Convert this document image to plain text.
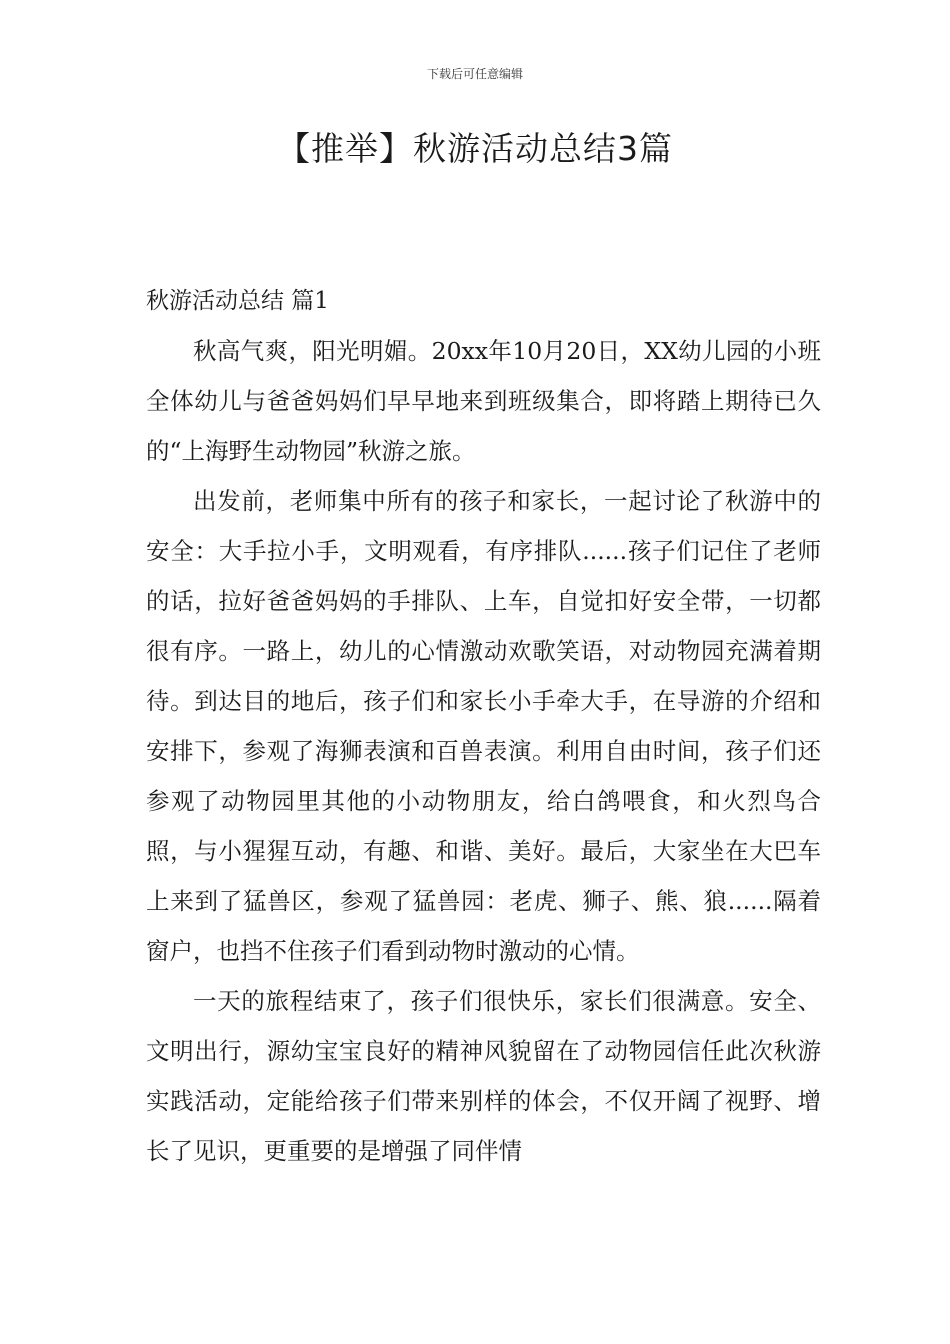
下载后可任意编辑
【推举】秋游活动总结3篇

秋游活动总结 篇1

秋高气爽，阳光明媚。20xx年10月20日，XX幼儿园的小班全体幼儿与爸爸妈妈们早早地来到班级集合，即将踏上期待已久的“上海野生动物园”秋游之旅。

出发前，老师集中所有的孩子和家长，一起讨论了秋游中的安全：大手拉小手，文明观看，有序排队......孩子们记住了老师的话，拉好爸爸妈妈的手排队、上车，自觉扣好安全带，一切都很有序。一路上，幼儿的心情激动欢歌笑语，对动物园充满着期待。到达目的地后，孩子们和家长小手牵大手，在导游的介绍和安排下，参观了海狮表演和百兽表演。利用自由时间，孩子们还参观了动物园里其他的小动物朋友，给白鸽喂食，和火烈鸟合照，与小猩猩互动，有趣、和谐、美好。最后，大家坐在大巴车上来到了猛兽区，参观了猛兽园：老虎、狮子、熊、狼......隔着窗户，也挡不住孩子们看到动物时激动的心情。

一天的旅程结束了，孩子们很快乐，家长们很满意。安全、文明出行，源幼宝宝良好的精神风貌留在了动物园信任此次秋游实践活动，定能给孩子们带来别样的体会，不仅开阔了视野、增长了见识，更重要的是增强了同伴情
